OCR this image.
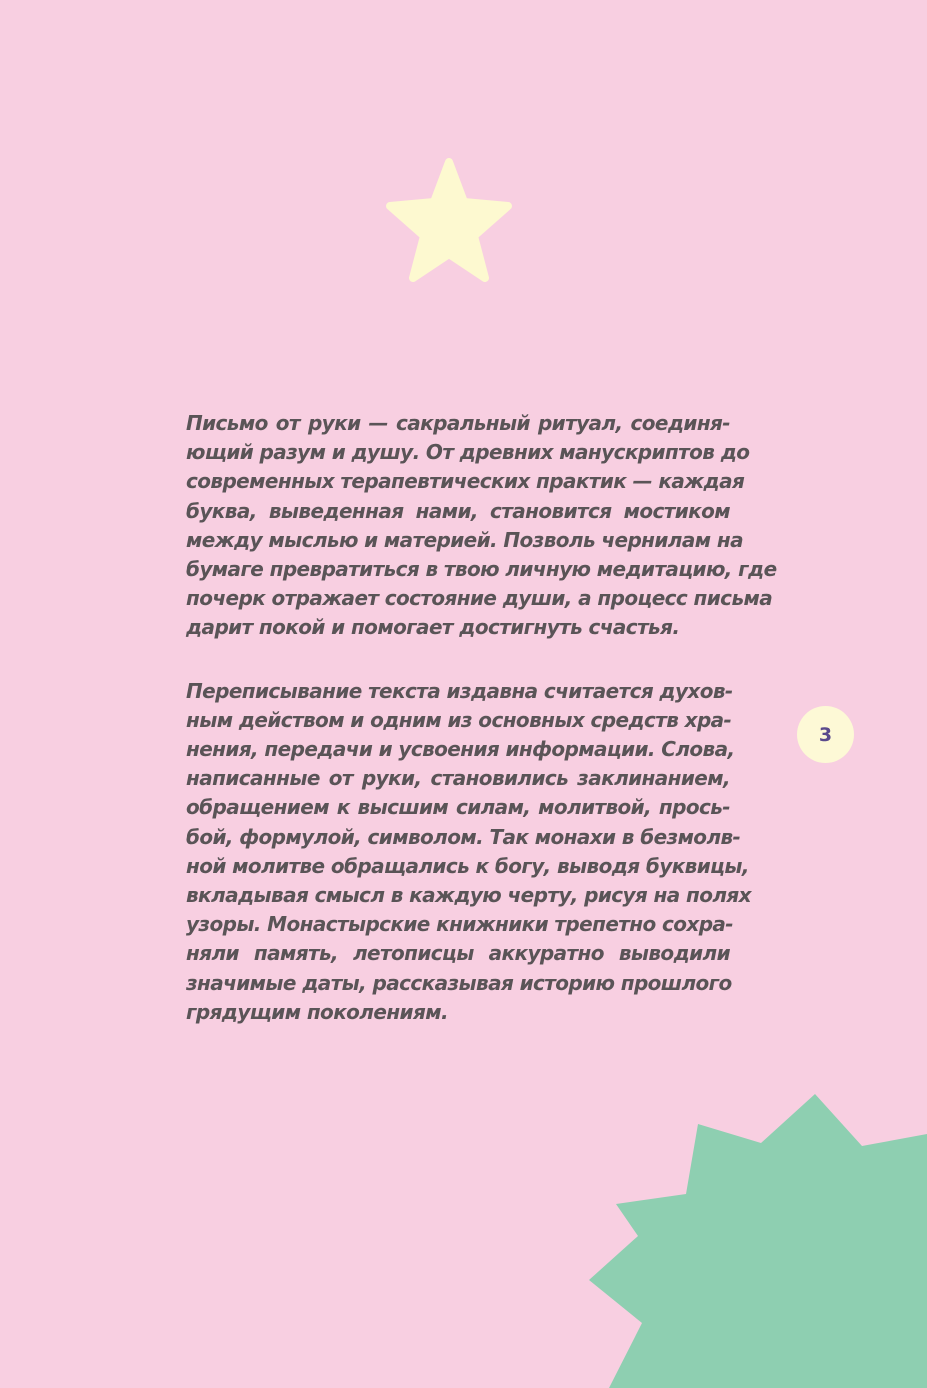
Письмо от руки — сакральный ритуал, соединя-
ющий разум и душу. От древних манускриптов до
современных терапевтических практик — каждая
буква, выведенная нами, становится мостиком
между мыслью и материей. Позволь чернилам на
бумаге превратиться в твою личную медитацию, где
почерк отражает состояние души, а процесс письма
дарит покой и помогает достигнуть счастья.

Переписывание текста издавна считается духов-
ным действом и одним из основных средств хра-
нения, передачи и усвоения информации. Слова,
написанные от руки, становились заклинанием,
обращением к высшим силам, молитвой, прось-
бой, формулой, символом. Так монахи в безмолв-
ной молитве обращались к богу, выводя буквицы,
вкладывая смысл в каждую черту, рисуя на полях
узоры. Монастырские книжники трепетно сохра-
няли память, летописцы аккуратно выводили
значимые даты, рассказывая историю прошлого
грядущим поколениям.

3
